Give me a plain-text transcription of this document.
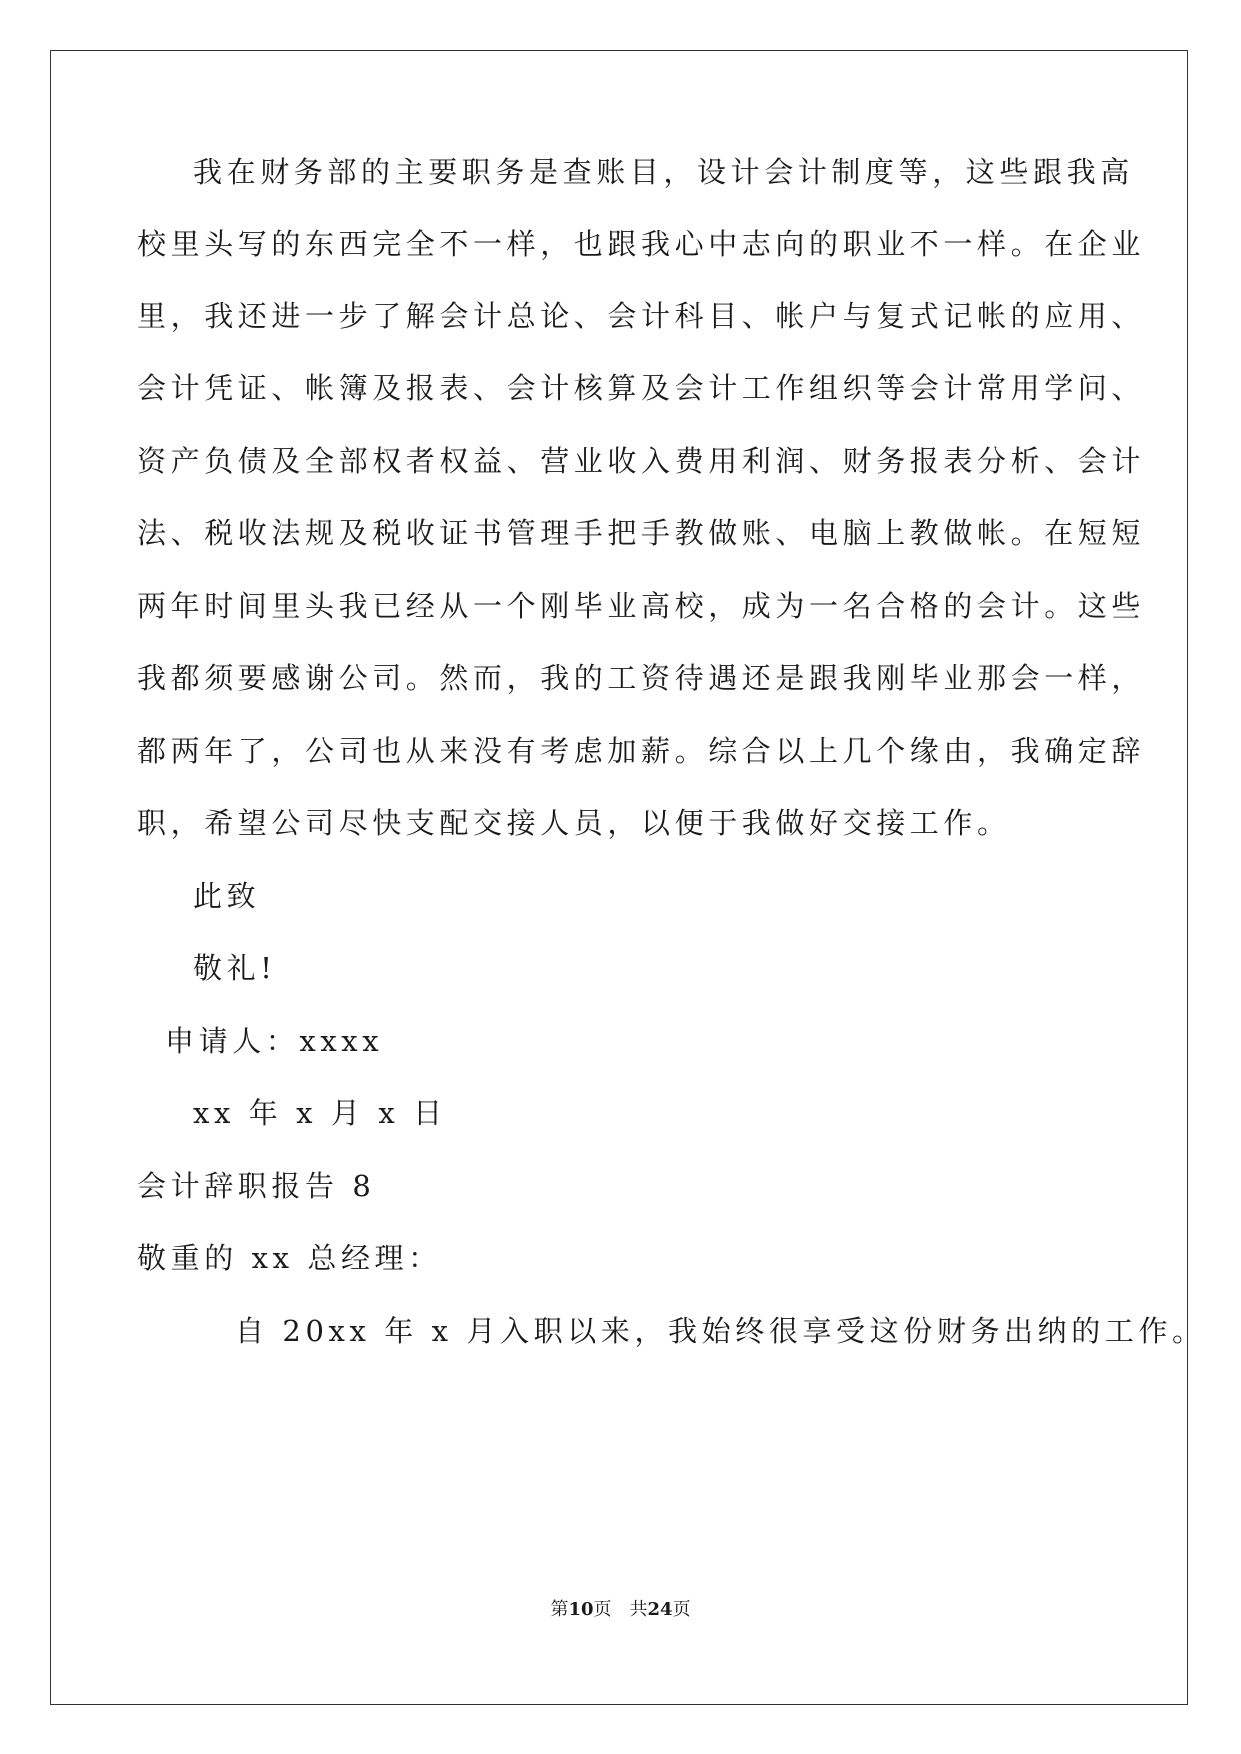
我在财务部的主要职务是查账目，设计会计制度等，这些跟我高
校里头写的东西完全不一样，也跟我心中志向的职业不一样。在企业
里，我还进一步了解会计总论、会计科目、帐户与复式记帐的应用、
会计凭证、帐簿及报表、会计核算及会计工作组织等会计常用学问、
资产负债及全部权者权益、营业收入费用利润、财务报表分析、会计
法、税收法规及税收证书管理手把手教做账、电脑上教做帐。在短短
两年时间里头我已经从一个刚毕业高校，成为一名合格的会计。这些
我都须要感谢公司。然而，我的工资待遇还是跟我刚毕业那会一样，
都两年了，公司也从来没有考虑加薪。综合以上几个缘由，我确定辞
职，希望公司尽快支配交接人员，以便于我做好交接工作。
此致
敬礼!
申请人：xxxx
xx 年 x 月 x 日
会计辞职报告 8
敬重的 xx 总经理：
自 20xx 年 x 月入职以来，我始终很享受这份财务出纳的工作。
第10页 共24页
